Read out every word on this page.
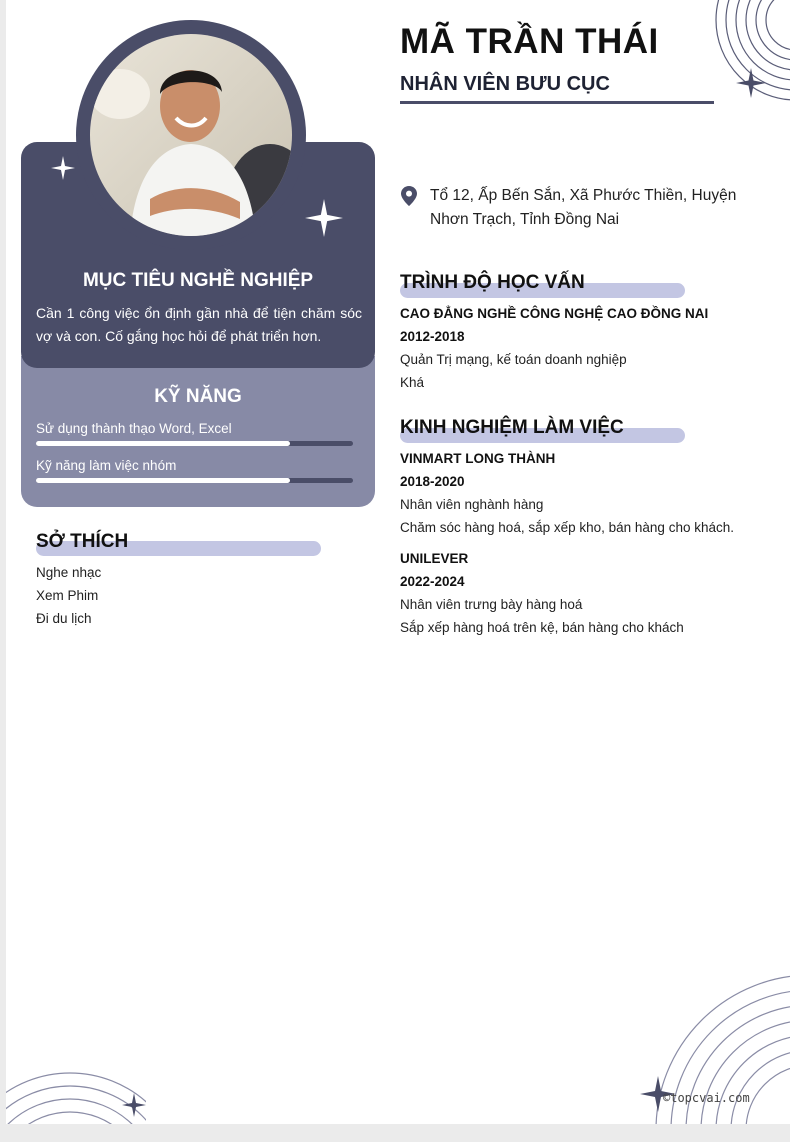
MỤC TIÊU NGHỀ NGHIỆP
Cần 1 công việc ổn định gần nhà để tiện chăm sóc vợ và con. Cố gắng học hỏi để phát triển hơn.
KỸ NĂNG
Sử dụng thành thạo Word, Excel
Kỹ năng làm việc nhóm
SỞ THÍCH
Nghe nhạc
Xem Phim
Đi du lịch
MÃ TRẦN THÁI
NHÂN VIÊN BƯU CỤC
Tổ 12, Ấp Bến Sắn, Xã Phước Thiền, Huyện Nhơn Trạch, Tỉnh Đồng Nai
TRÌNH ĐỘ HỌC VẤN
CAO ĐẲNG NGHỀ CÔNG NGHỆ CAO ĐỒNG NAI
2012-2018
Quản Trị mạng, kế toán doanh nghiệp
Khá
KINH NGHIỆM LÀM VIỆC
VINMART LONG THÀNH
2018-2020
Nhân viên nghành hàng
Chăm sóc hàng hoá, sắp xếp kho, bán hàng cho khách.
UNILEVER
2022-2024
Nhân viên trưng bày hàng hoá
Sắp xếp hàng hoá trên kệ, bán hàng cho khách
©topcvai.com
